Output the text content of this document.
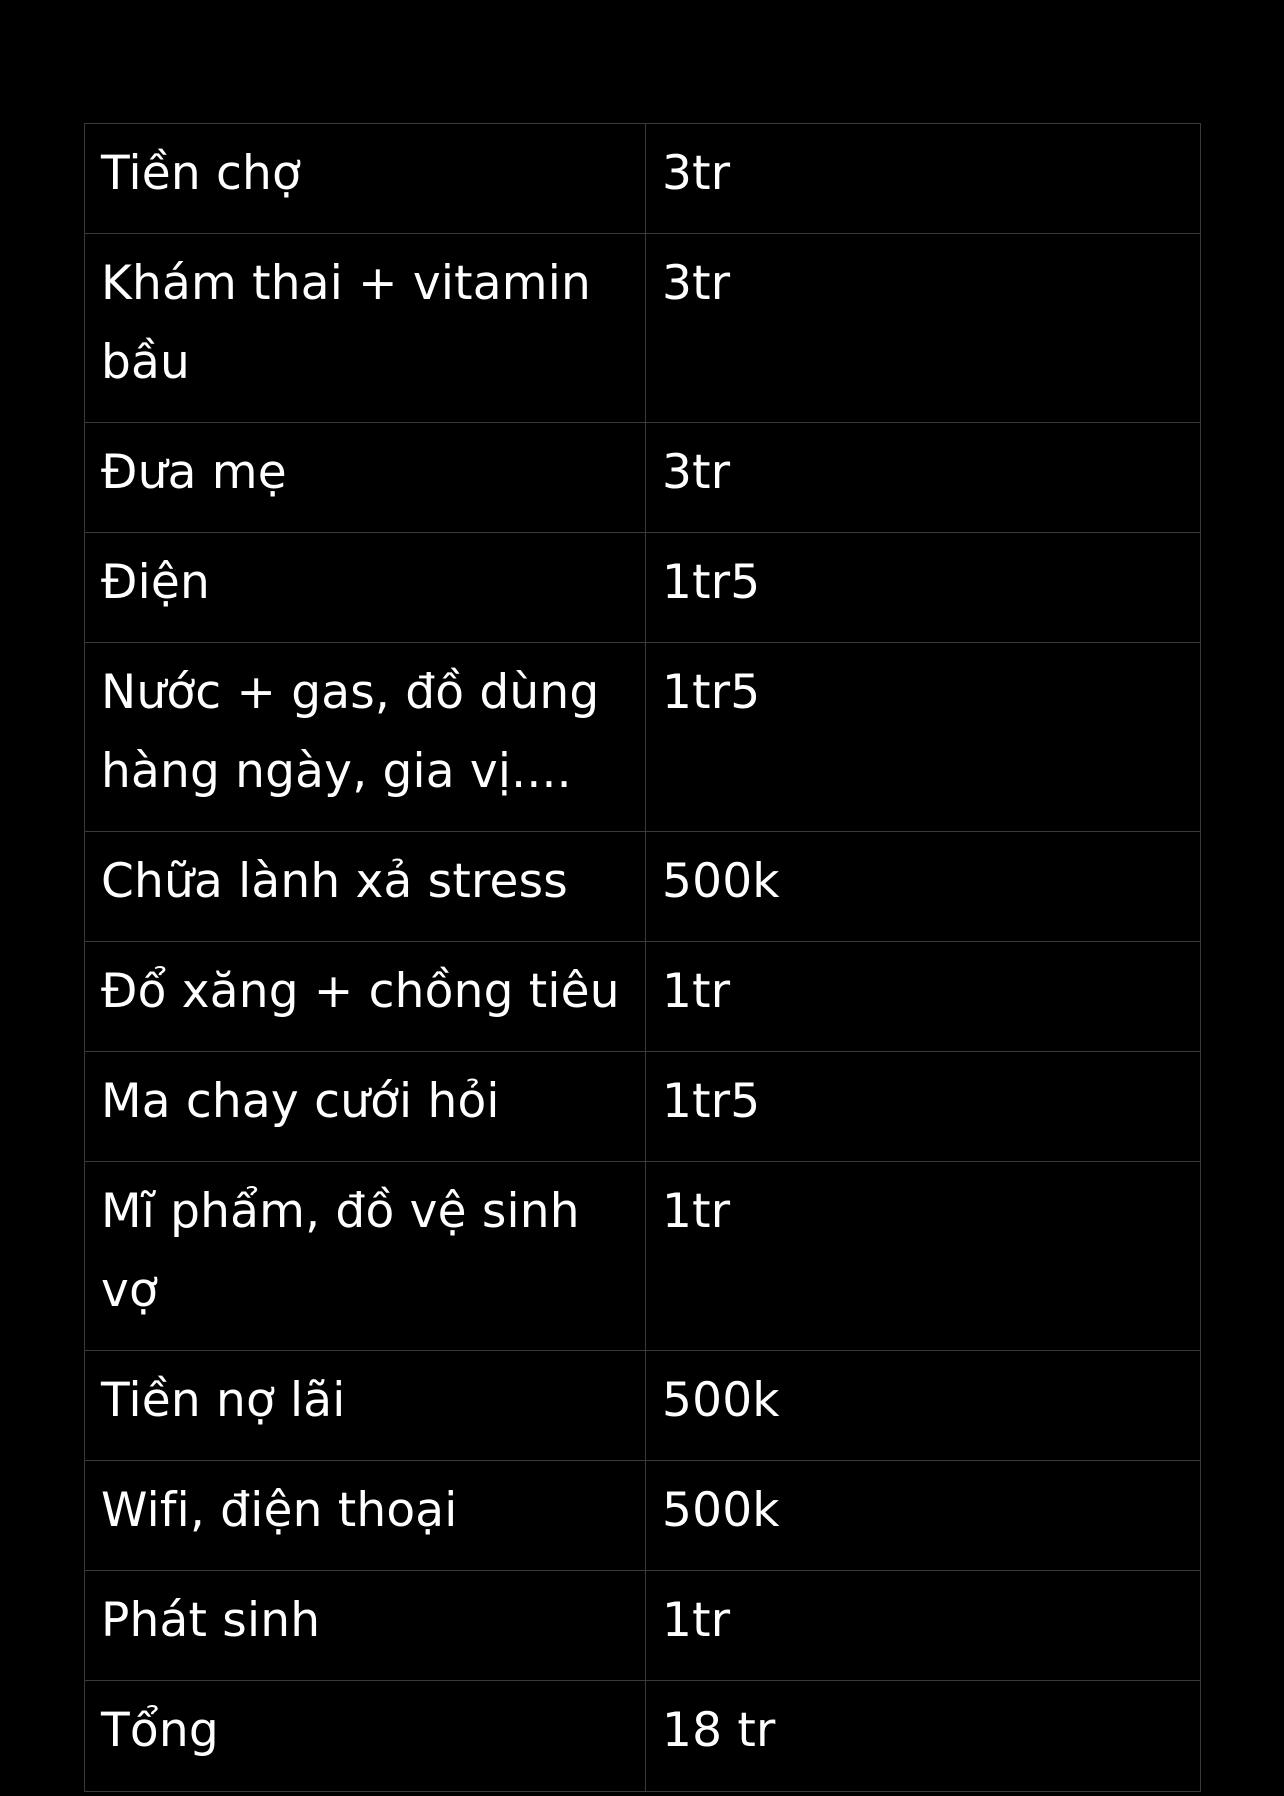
Tiền chợ	3tr

Khám thai + vitamin bầu	3tr

Đưa mẹ	3tr

Điện	1tr5

Nước + gas, đồ dùng hàng ngày, gia vị....	1tr5

Chữa lành xả stress	500k

Đổ xăng + chồng tiêu	1tr

Ma chay cưới hỏi	1tr5

Mĩ phẩm, đồ vệ sinh vợ	1tr

Tiền nợ lãi	500k

Wifi, điện thoại	500k

Phát sinh	1tr

Tổng	18 tr
